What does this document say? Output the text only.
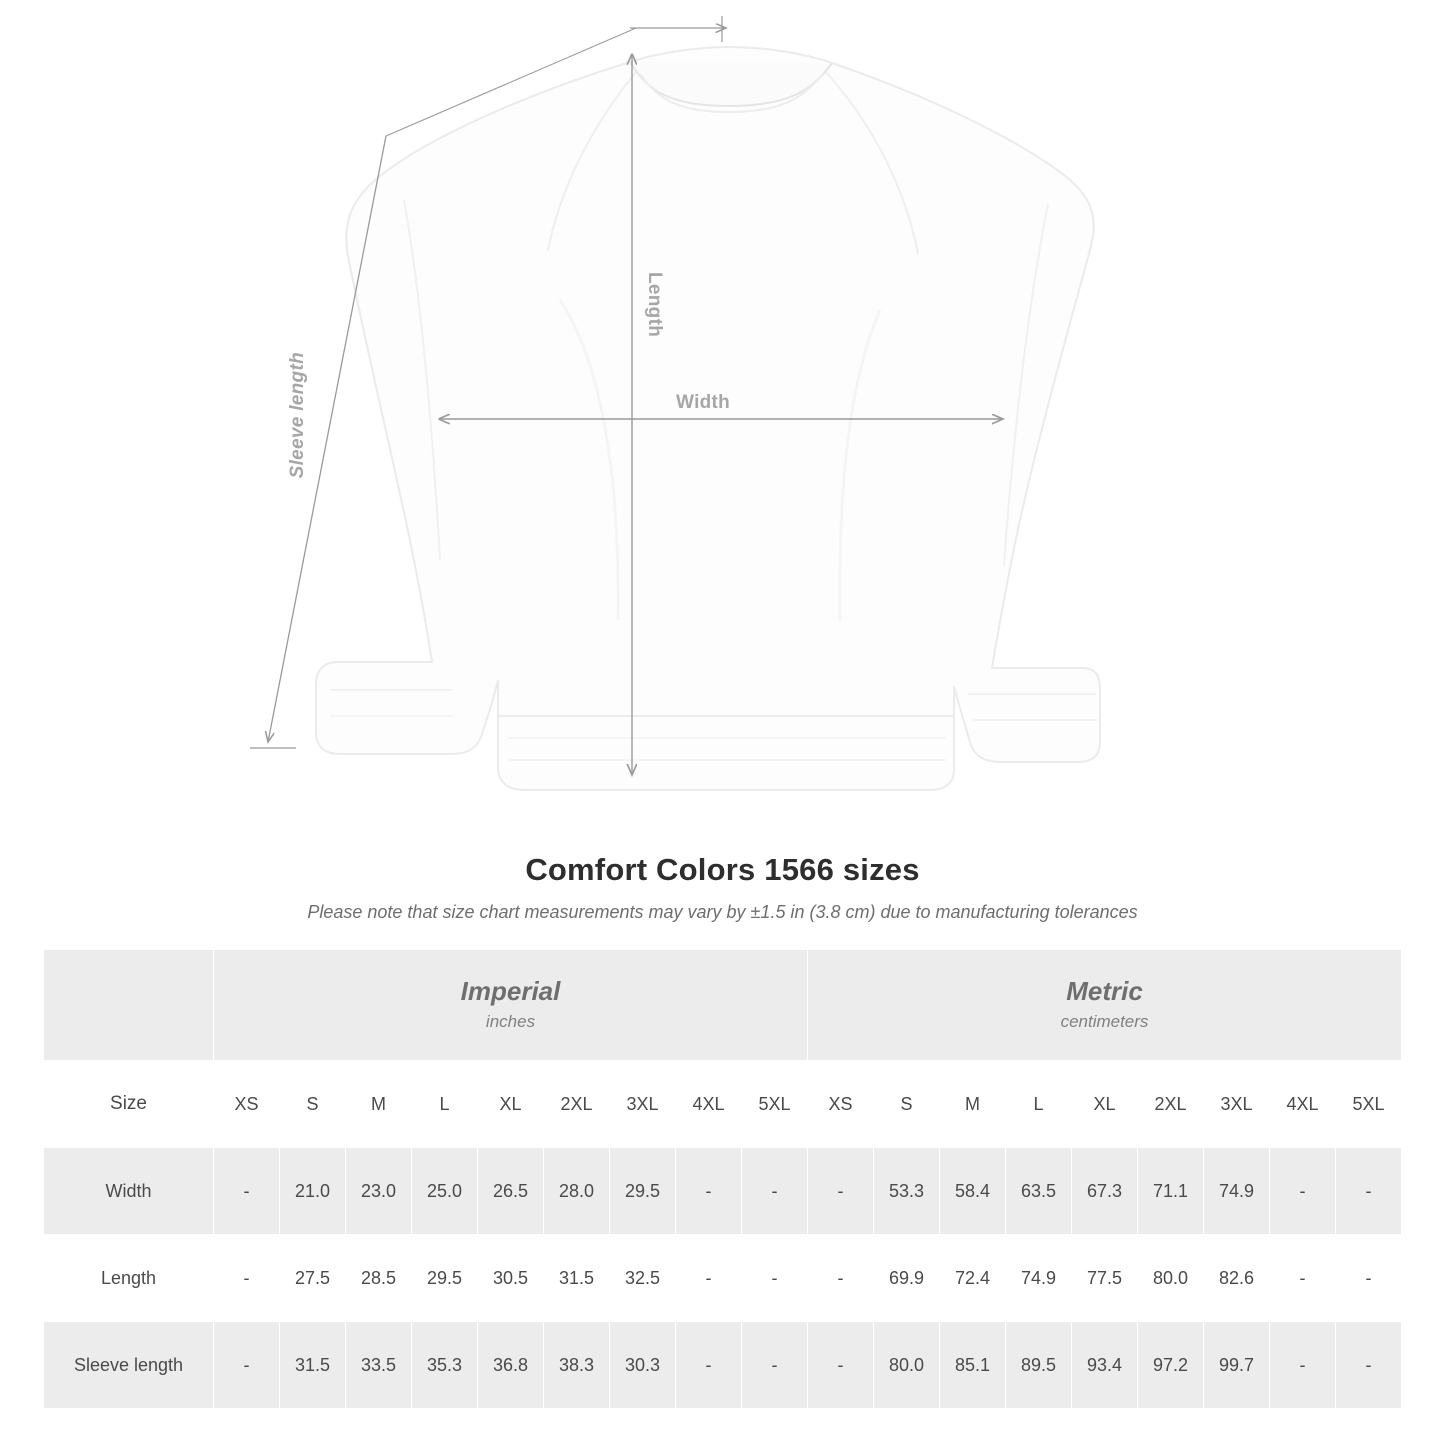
Width
Length
Sleeve length
Comfort Colors 1566 sizes
Please note that size chart measurements may vary by ±1.5 in (3.8 cm) due to manufacturing tolerances

Imperial
inches

Metric
centimeters

Size	XS	S	M	L	XL	2XL	3XL	4XL	5XL	XS	S	M	L	XL	2XL	3XL	4XL	5XL
Width	-	21.0	23.0	25.0	26.5	28.0	29.5	-	-	-	53.3	58.4	63.5	67.3	71.1	74.9	-	-
Length	-	27.5	28.5	29.5	30.5	31.5	32.5	-	-	-	69.9	72.4	74.9	77.5	80.0	82.6	-	-
Sleeve length	-	31.5	33.5	35.3	36.8	38.3	30.3	-	-	-	80.0	85.1	89.5	93.4	97.2	99.7	-	-
